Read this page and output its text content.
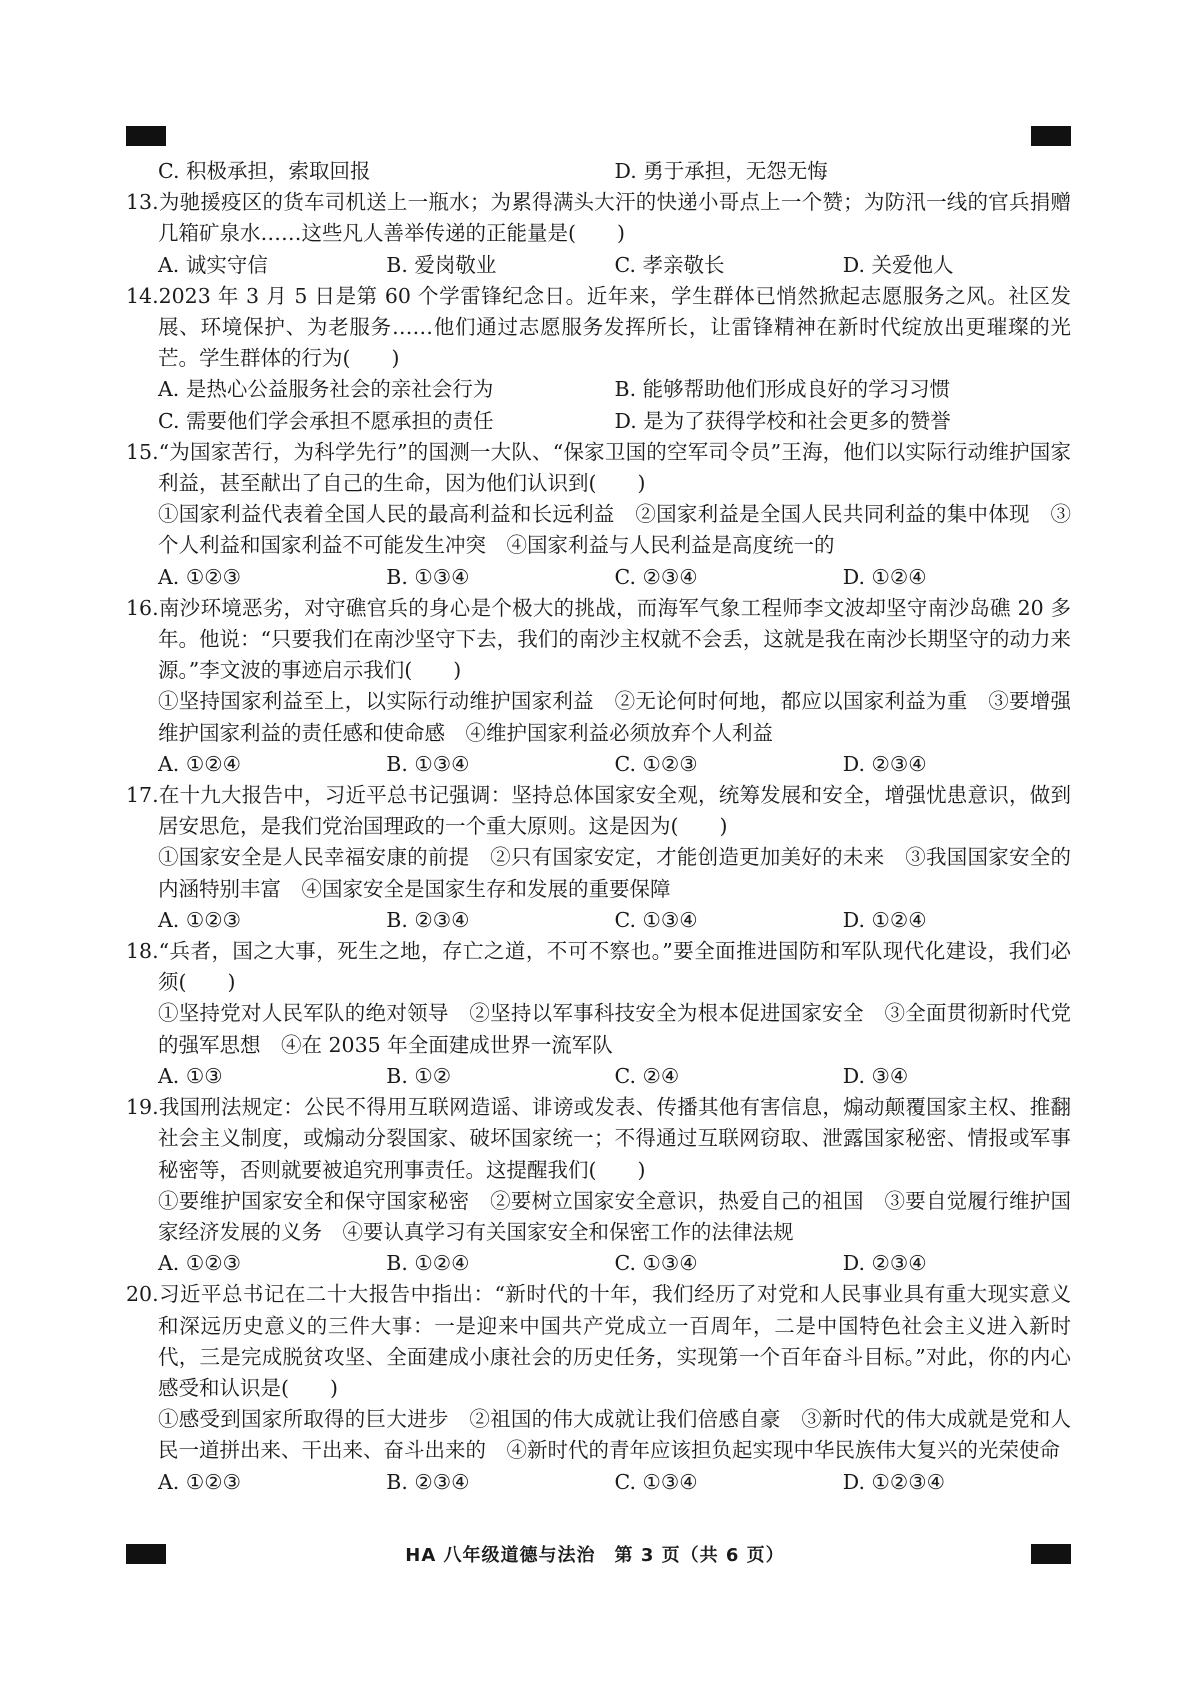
C. 积极承担，索取回报	D. 勇于承担，无怨无悔

13.为驰援疫区的货车司机送上一瓶水；为累得满头大汗的快递小哥点上一个赞；为防汛一线的官兵捐赠几箱矿泉水……这些凡人善举传递的正能量是(　　)

A. 诚实守信	B. 爱岗敬业	C. 孝亲敬长	D. 关爱他人

14.2023 年 3 月 5 日是第 60 个学雷锋纪念日。近年来，学生群体已悄然掀起志愿服务之风。社区发展、环境保护、为老服务……他们通过志愿服务发挥所长，让雷锋精神在新时代绽放出更璀璨的光芒。学生群体的行为(　　)

A. 是热心公益服务社会的亲社会行为	B. 能够帮助他们形成良好的学习习惯
C. 需要他们学会承担不愿承担的责任	D. 是为了获得学校和社会更多的赞誉

15.“为国家苦行，为科学先行”的国测一大队、“保家卫国的空军司令员”王海，他们以实际行动维护国家利益，甚至献出了自己的生命，因为他们认识到(　　)

①国家利益代表着全国人民的最高利益和长远利益　②国家利益是全国人民共同利益的集中体现　③个人利益和国家利益不可能发生冲突　④国家利益与人民利益是高度统一的

A. ①②③	B. ①③④	C. ②③④	D. ①②④

16.南沙环境恶劣，对守礁官兵的身心是个极大的挑战，而海军气象工程师李文波却坚守南沙岛礁 20 多年。他说：“只要我们在南沙坚守下去，我们的南沙主权就不会丢，这就是我在南沙长期坚守的动力来源。”李文波的事迹启示我们(　　)

①坚持国家利益至上，以实际行动维护国家利益　②无论何时何地，都应以国家利益为重　③要增强维护国家利益的责任感和使命感　④维护国家利益必须放弃个人利益

A. ①②④	B. ①③④	C. ①②③	D. ②③④

17.在十九大报告中，习近平总书记强调：坚持总体国家安全观，统筹发展和安全，增强忧患意识，做到居安思危，是我们党治国理政的一个重大原则。这是因为(　　)

①国家安全是人民幸福安康的前提　②只有国家安定，才能创造更加美好的未来　③我国国家安全的内涵特别丰富　④国家安全是国家生存和发展的重要保障

A. ①②③	B. ②③④	C. ①③④	D. ①②④

18.“兵者，国之大事，死生之地，存亡之道，不可不察也。”要全面推进国防和军队现代化建设，我们必须(　　)

①坚持党对人民军队的绝对领导　②坚持以军事科技安全为根本促进国家安全　③全面贯彻新时代党的强军思想　④在 2035 年全面建成世界一流军队

A. ①③	B. ①②	C. ②④	D. ③④

19.我国刑法规定：公民不得用互联网造谣、诽谤或发表、传播其他有害信息，煽动颠覆国家主权、推翻社会主义制度，或煽动分裂国家、破坏国家统一；不得通过互联网窃取、泄露国家秘密、情报或军事秘密等，否则就要被追究刑事责任。这提醒我们(　　)

①要维护国家安全和保守国家秘密　②要树立国家安全意识，热爱自己的祖国　③要自觉履行维护国家经济发展的义务　④要认真学习有关国家安全和保密工作的法律法规

A. ①②③	B. ①②④	C. ①③④	D. ②③④

20.习近平总书记在二十大报告中指出：“新时代的十年，我们经历了对党和人民事业具有重大现实意义和深远历史意义的三件大事：一是迎来中国共产党成立一百周年，二是中国特色社会主义进入新时代，三是完成脱贫攻坚、全面建成小康社会的历史任务，实现第一个百年奋斗目标。”对此，你的内心感受和认识是(　　)

①感受到国家所取得的巨大进步　②祖国的伟大成就让我们倍感自豪　③新时代的伟大成就是党和人民一道拼出来、干出来、奋斗出来的　④新时代的青年应该担负起实现中华民族伟大复兴的光荣使命

A. ①②③	B. ②③④	C. ①③④	D. ①②③④
HA 八年级道德与法治　第 3 页（共 6 页）
